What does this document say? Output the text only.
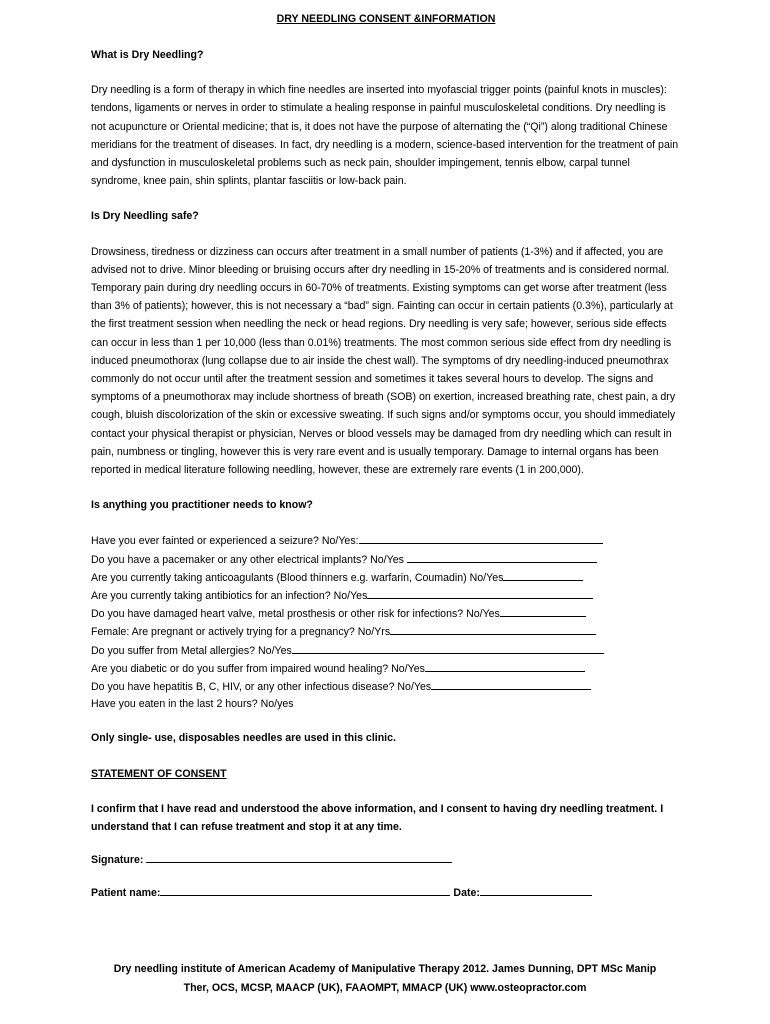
DRY NEEDLING CONSENT &INFORMATION

What is Dry Needling?

Dry needling is a form of therapy in which fine needles are inserted into myofascial trigger points (painful knots in muscles): tendons, ligaments or nerves in order to stimulate a healing response in painful musculoskeletal conditions. Dry needling is not acupuncture or Oriental medicine; that is, it does not have the purpose of alternating the (“Qi”) along traditional Chinese meridians for the treatment of diseases. In fact, dry needling is a modern, science-based intervention for the treatment of pain and dysfunction in musculoskeletal problems such as neck pain, shoulder impingement, tennis elbow, carpal tunnel syndrome, knee pain, shin splints, plantar fasciitis or low-back pain.

Is Dry Needling safe?

Drowsiness, tiredness or dizziness can occurs after treatment in a small number of patients (1-3%) and if affected, you are advised not to drive. Minor bleeding or bruising occurs after dry needling in 15-20% of treatments and is considered normal. Temporary pain during dry needling occurs in 60-70% of treatments. Existing symptoms can get worse after treatment (less than 3% of patients); however, this is not necessary a “bad” sign. Fainting can occur in certain patients (0.3%), particularly at the first treatment session when needling the neck or head regions. Dry needling is very safe; however, serious side effects can occur in less than 1 per 10,000 (less than 0.01%) treatments. The most common serious side effect from dry needling is induced pneumothorax (lung collapse due to air inside the chest wall). The symptoms of dry needling-induced pneumothrax commonly do not occur until after the treatment session and sometimes it takes several hours to develop. The signs and symptoms of a pneumothorax may include shortness of breath (SOB) on exertion, increased breathing rate, chest pain, a dry cough, bluish discolorization of the skin or excessive sweating. If such signs and/or symptoms occur, you should immediately contact your physical therapist or physician, Nerves or blood vessels may be damaged from dry needling which can result in pain, numbness or tingling, however this is very rare event and is usually temporary. Damage to internal organs has been reported in medical literature following needling, however, these are extremely rare events (1 in 200,000).

Is anything you practitioner needs to know?

Have you ever fainted or experienced a seizure? No/Yes:
Do you have a pacemaker or any other electrical implants? No/Yes
Are you currently taking anticoagulants (Blood thinners e.g. warfarin, Coumadin) No/Yes
Are you currently taking antibiotics for an infection? No/Yes
Do you have damaged heart valve, metal prosthesis or other risk for infections? No/Yes
Female: Are pregnant or actively trying for a pregnancy? No/Yrs
Do you suffer from Metal allergies? No/Yes
Are you diabetic or do you suffer from impaired wound healing? No/Yes
Do you have hepatitis B, C, HIV, or any other infectious disease? No/Yes
Have you eaten in the last 2 hours? No/yes

Only single- use, disposables needles are used in this clinic.

STATEMENT OF CONSENT

I confirm that I have read and understood the above information, and I consent to having dry needling treatment. I understand that I can refuse treatment and stop it at any time.

Signature:
Patient name:	Date:
Dry needling institute of American Academy of Manipulative Therapy 2012. James Dunning, DPT MSc Manip
Ther, OCS, MCSP, MAACP (UK), FAAOMPT, MMACP (UK) www.osteopractor.com
